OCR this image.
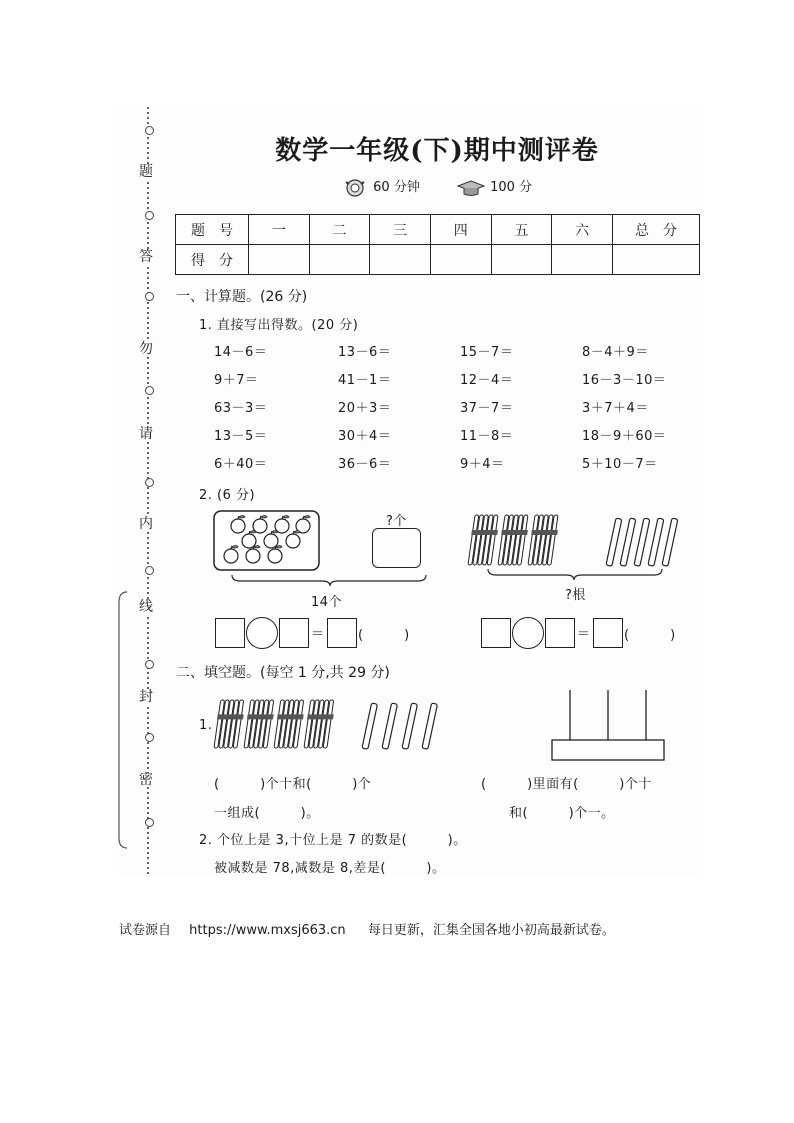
题
答
勿
请
内
线
封
密
数学一年级(下)期中测评卷
60 分钟	100 分
题　号	一	二	三	四	五	六	总　分
得　分							
一、计算题。(26 分)
1. 直接写出得数。(20 分)
14－6＝	13－6＝	15－7＝	8－4＋9＝
9＋7＝	41－1＝	12－4＝	16－3－10＝
63－3＝	20＋3＝	37－7＝	3＋7＋4＝
13－5＝	30＋4＝	11－8＝	18－9＋60＝
6＋40＝	36－6＝	9＋4＝	5＋10－7＝
2. (6 分)
?个
14个	?根
＝	(　　　)	＝	(　　　)
二、填空题。(每空 1 分,共 29 分)
1.
(　　　)个十和(　　　)个
一组成(　　　)。
(　　　)里面有(　　　)个十
和(　　　)个一。
2. 个位上是 3,十位上是 7 的数是(　　　)。
被减数是 78,减数是 8,差是(　　　)。
试卷源自 https://www.mxsj663.cn 每日更新，汇集全国各地小初高最新试卷。
